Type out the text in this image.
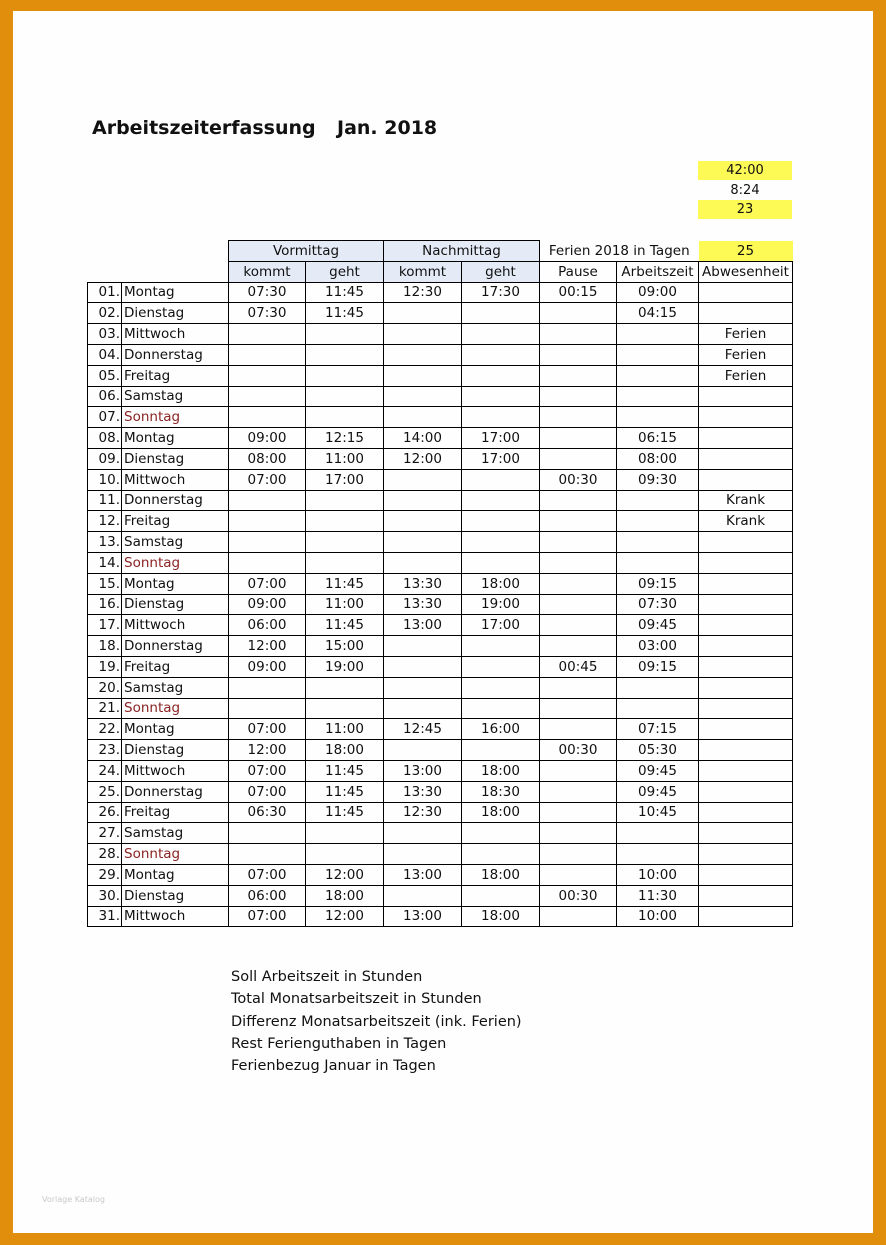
Arbeitszeiterfassung Jan. 2018
42:00
8:24
23
		Vormittag		Nachmittag		Ferien 2018 in Tagen		25
		kommt	geht	kommt	geht	Pause	Arbeitszeit	Abwesenheit
01.	Montag	07:30	11:45	12:30	17:30	00:15	09:00	
02.	Dienstag	07:30	11:45				04:15	
03.	Mittwoch							Ferien
04.	Donnerstag							Ferien
05.	Freitag							Ferien
06.	Samstag							
07.	Sonntag							
08.	Montag	09:00	12:15	14:00	17:00		06:15	
09.	Dienstag	08:00	11:00	12:00	17:00		08:00	
10.	Mittwoch	07:00	17:00			00:30	09:30	
11.	Donnerstag							Krank
12.	Freitag							Krank
13.	Samstag							
14.	Sonntag							
15.	Montag	07:00	11:45	13:30	18:00		09:15	
16.	Dienstag	09:00	11:00	13:30	19:00		07:30	
17.	Mittwoch	06:00	11:45	13:00	17:00		09:45	
18.	Donnerstag	12:00	15:00				03:00	
19.	Freitag	09:00	19:00			00:45	09:15	
20.	Samstag							
21.	Sonntag							
22.	Montag	07:00	11:00	12:45	16:00		07:15	
23.	Dienstag	12:00	18:00			00:30	05:30	
24.	Mittwoch	07:00	11:45	13:00	18:00		09:45	
25.	Donnerstag	07:00	11:45	13:30	18:30		09:45	
26.	Freitag	06:30	11:45	12:30	18:00		10:45	
27.	Samstag							
28.	Sonntag							
29.	Montag	07:00	12:00	13:00	18:00		10:00	
30.	Dienstag	06:00	18:00			00:30	11:30	
31.	Mittwoch	07:00	12:00	13:00	18:00		10:00	
Soll Arbeitszeit in Stunden
Total Monatsarbeitszeit in Stunden
Differenz Monatsarbeitszeit (ink. Ferien)
Rest Ferienguthaben in Tagen
Ferienbezug Januar in Tagen
Vorlage Katalog
